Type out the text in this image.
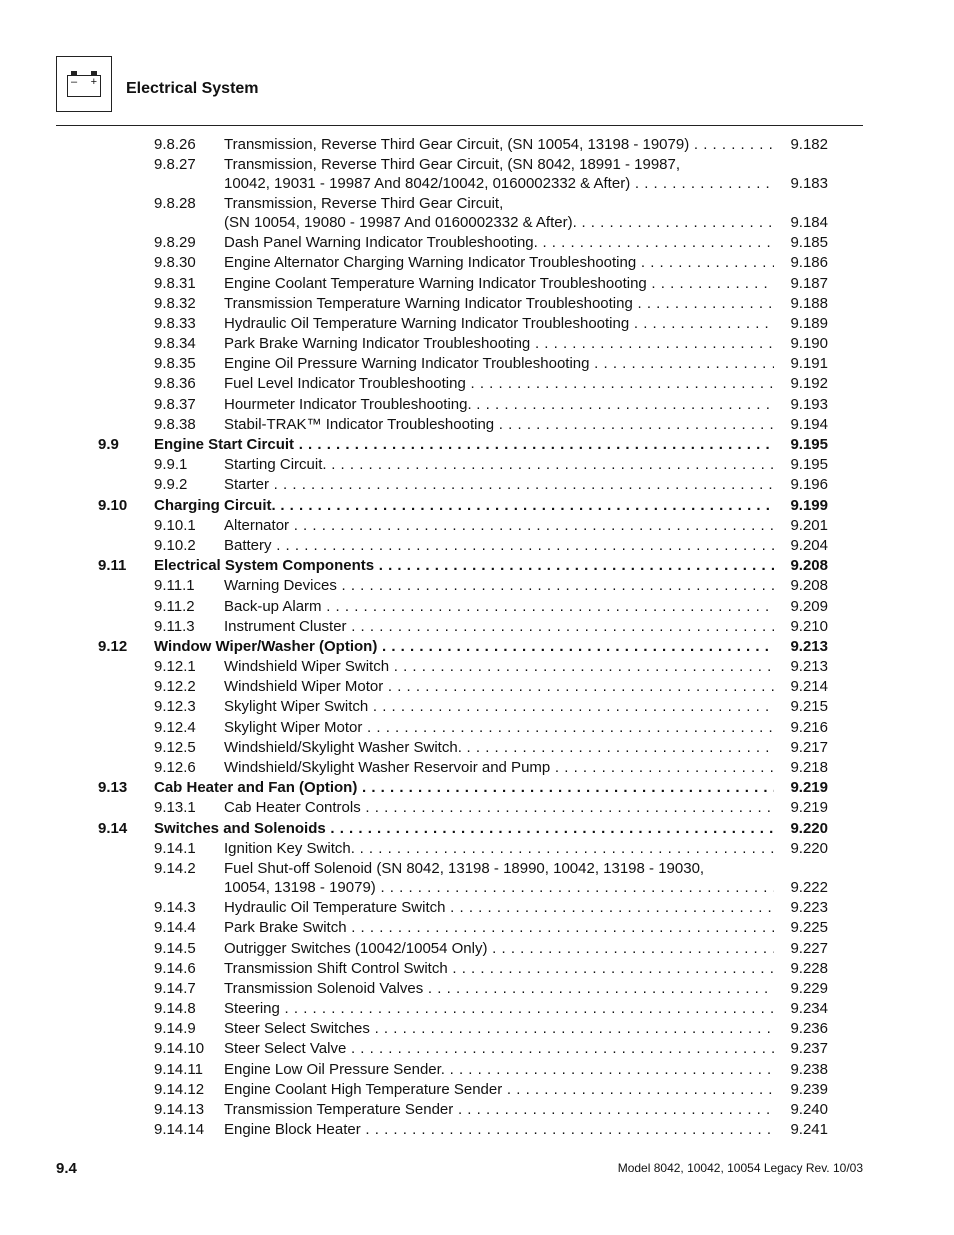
– + Electrical System
9.8.26 Transmission, Reverse Third Gear Circuit, (SN 10054, 13198 - 19079) . . .	9.182
9.8.27 Transmission, Reverse Third Gear Circuit, (SN 8042, 18991 - 19987,
10042, 19031 - 19987 And 8042/10042, 0160002332 & After) . . .	9.183
9.8.28 Transmission, Reverse Third Gear Circuit,
(SN 10054, 19080 - 19987 And 0160002332 & After). . . .	9.184
9.8.29 Dash Panel Warning Indicator Troubleshooting. . . .	9.185
9.8.30 Engine Alternator Charging Warning Indicator Troubleshooting . . .	9.186
9.8.31 Engine Coolant Temperature Warning Indicator Troubleshooting . . .	9.187
9.8.32 Transmission Temperature Warning Indicator Troubleshooting . . .	9.188
9.8.33 Hydraulic Oil Temperature Warning Indicator Troubleshooting . . .	9.189
9.8.34 Park Brake Warning Indicator Troubleshooting . . .	9.190
9.8.35 Engine Oil Pressure Warning Indicator Troubleshooting . . .	9.191
9.8.36 Fuel Level Indicator Troubleshooting . . .	9.192
9.8.37 Hourmeter Indicator Troubleshooting. . . .	9.193
9.8.38 Stabil-TRAK™ Indicator Troubleshooting . . .	9.194
9.9 Engine Start Circuit . . .	9.195
9.9.1 Starting Circuit. . . .	9.195
9.9.2 Starter . . .	9.196
9.10 Charging Circuit. . . .	9.199
9.10.1 Alternator . . .	9.201
9.10.2 Battery . . .	9.204
9.11 Electrical System Components . . .	9.208
9.11.1 Warning Devices . . .	9.208
9.11.2 Back-up Alarm . . .	9.209
9.11.3 Instrument Cluster . . .	9.210
9.12 Window Wiper/Washer (Option) . . .	9.213
9.12.1 Windshield Wiper Switch . . .	9.213
9.12.2 Windshield Wiper Motor . . .	9.214
9.12.3 Skylight Wiper Switch . . .	9.215
9.12.4 Skylight Wiper Motor . . .	9.216
9.12.5 Windshield/Skylight Washer Switch. . . .	9.217
9.12.6 Windshield/Skylight Washer Reservoir and Pump . . .	9.218
9.13 Cab Heater and Fan (Option) . . .	9.219
9.13.1 Cab Heater Controls . . .	9.219
9.14 Switches and Solenoids . . .	9.220
9.14.1 Ignition Key Switch. . . .	9.220
9.14.2 Fuel Shut-off Solenoid (SN 8042, 13198 - 18990, 10042, 13198 - 19030,
10054, 13198 - 19079) . . .	9.222
9.14.3 Hydraulic Oil Temperature Switch . . .	9.223
9.14.4 Park Brake Switch . . .	9.225
9.14.5 Outrigger Switches (10042/10054 Only) . . .	9.227
9.14.6 Transmission Shift Control Switch . . .	9.228
9.14.7 Transmission Solenoid Valves . . .	9.229
9.14.8 Steering . . .	9.234
9.14.9 Steer Select Switches . . .	9.236
9.14.10 Steer Select Valve . . .	9.237
9.14.11 Engine Low Oil Pressure Sender. . . .	9.238
9.14.12 Engine Coolant High Temperature Sender . . .	9.239
9.14.13 Transmission Temperature Sender . . .	9.240
9.14.14 Engine Block Heater . . .	9.241
9.4	Model 8042, 10042, 10054 Legacy Rev. 10/03
